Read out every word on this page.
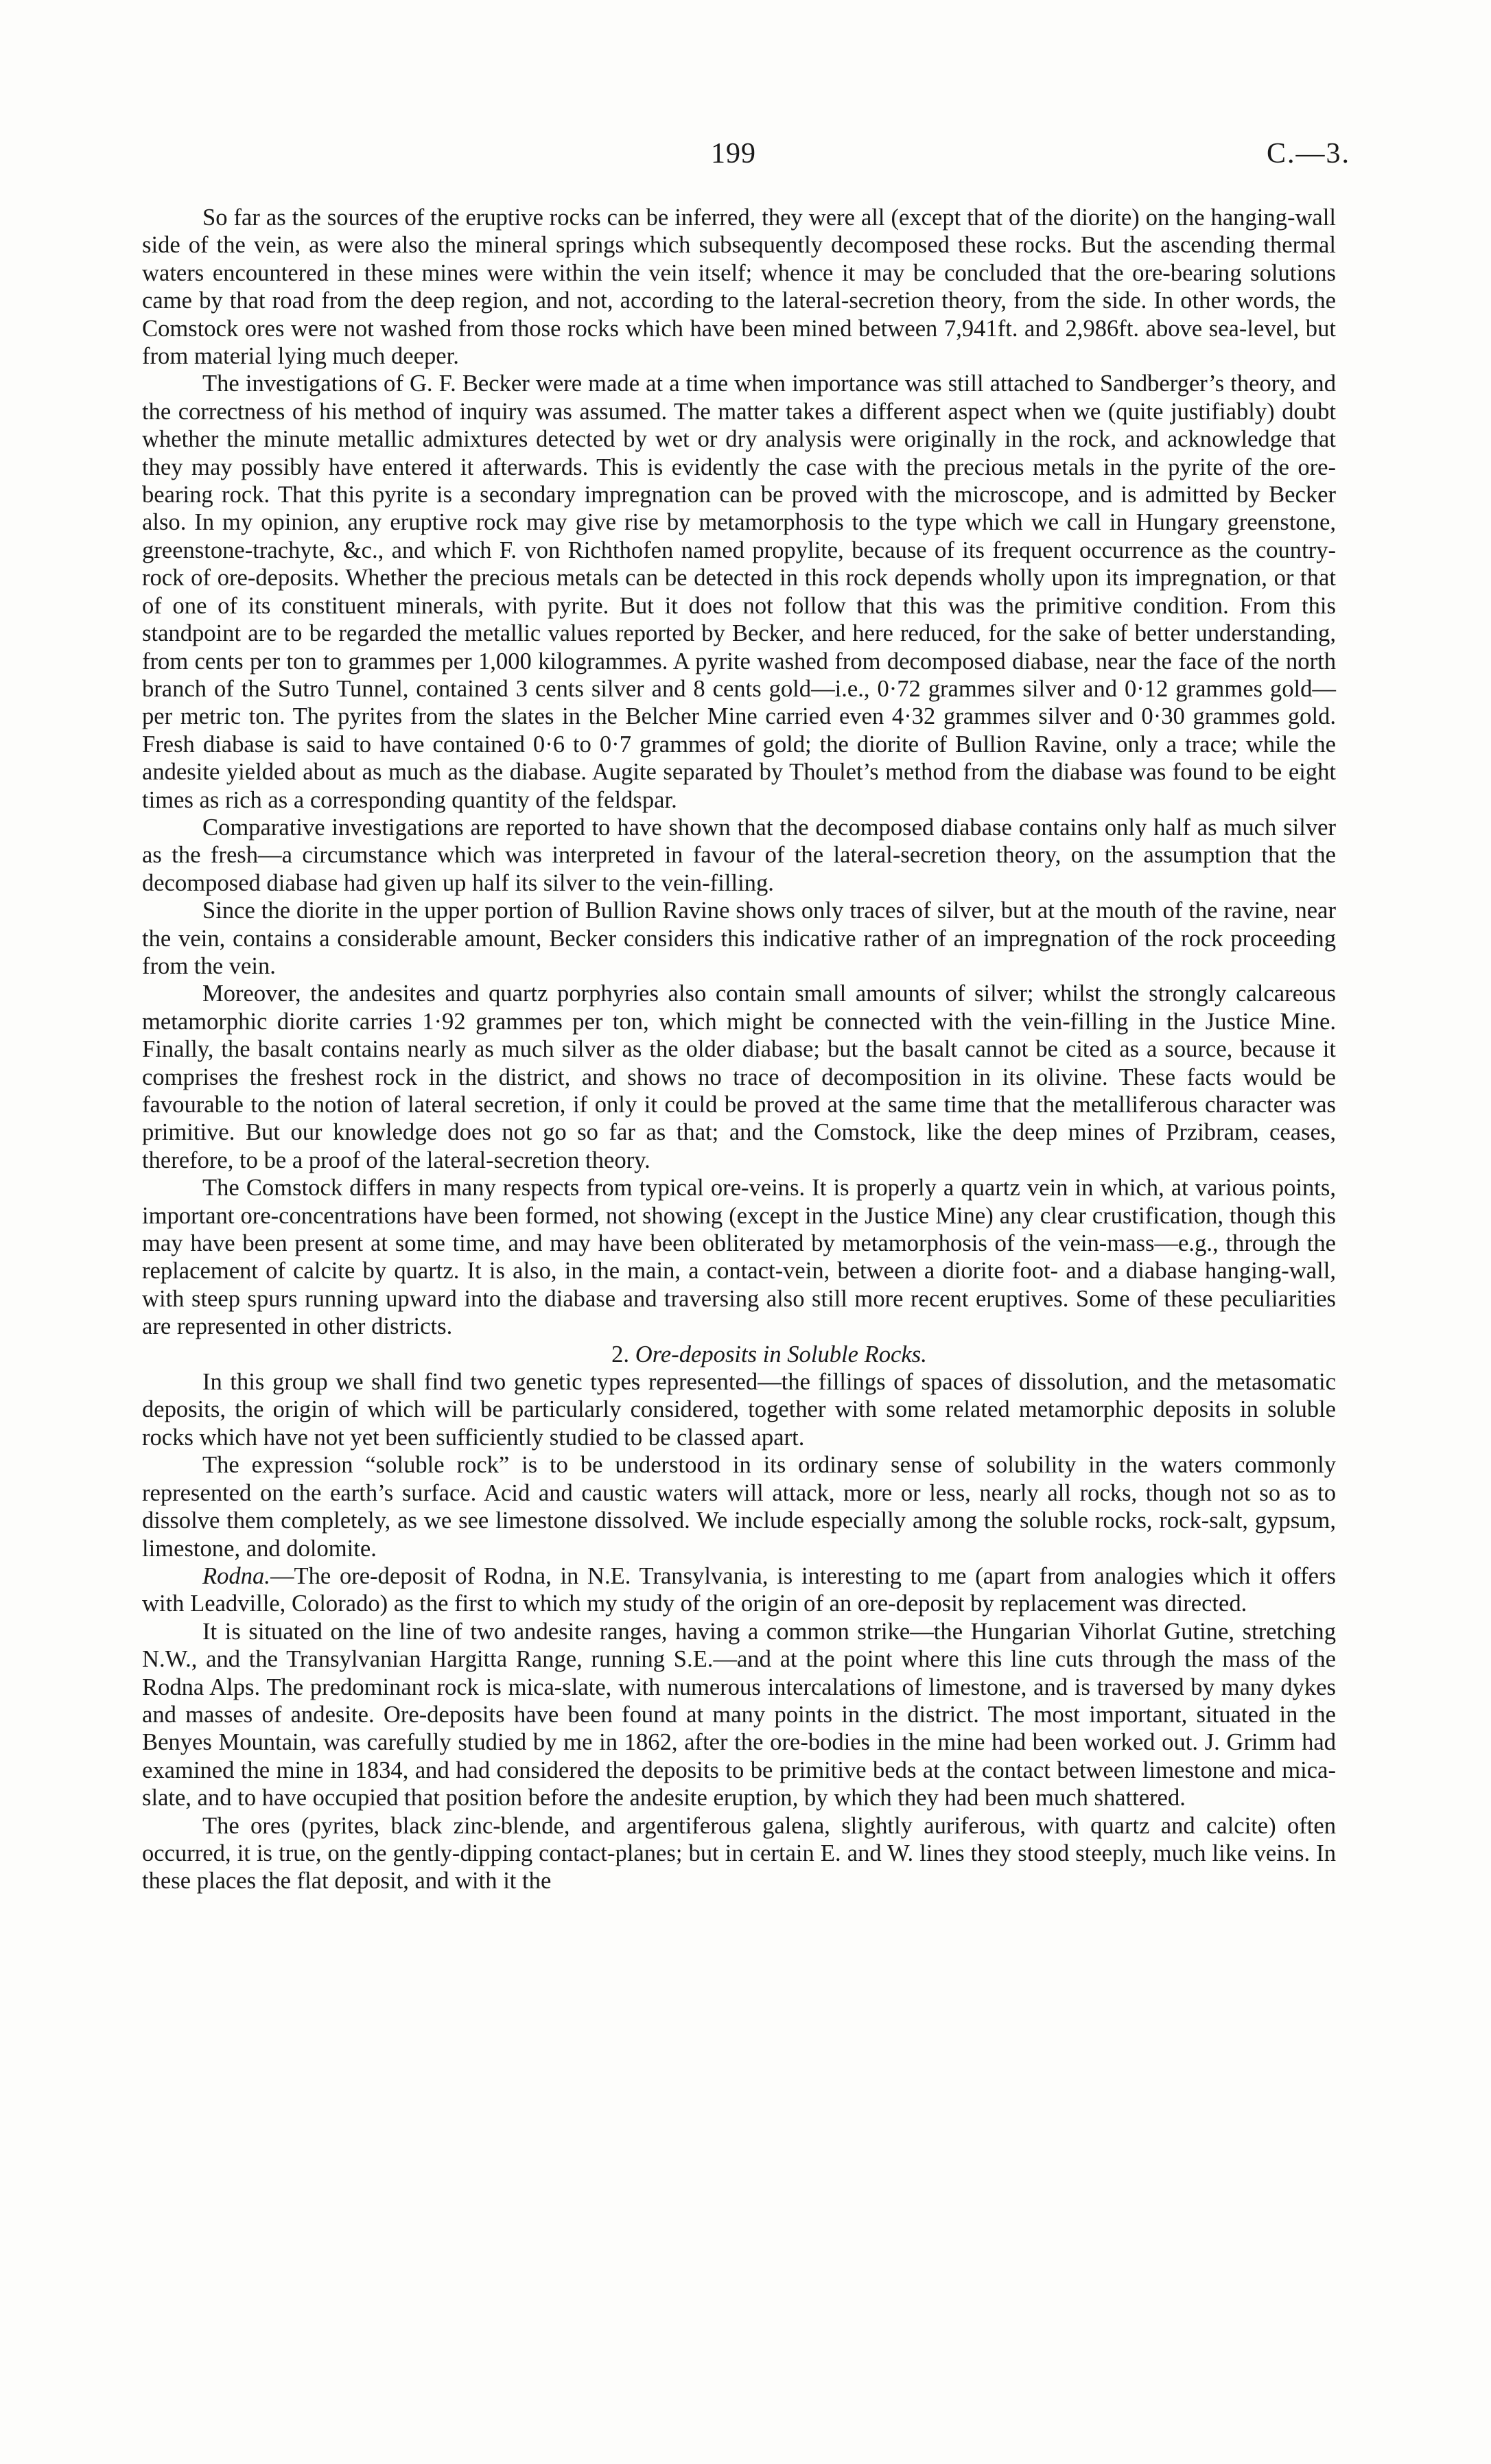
199	C.—3.

So far as the sources of the eruptive rocks can be inferred, they were all (except that of the diorite) on the hanging-wall side of the vein, as were also the mineral springs which subsequently decomposed these rocks. But the ascending thermal waters encountered in these mines were within the vein itself; whence it may be concluded that the ore-bearing solutions came by that road from the deep region, and not, according to the lateral-secretion theory, from the side. In other words, the Comstock ores were not washed from those rocks which have been mined between 7,941ft. and 2,986ft. above sea-level, but from material lying much deeper.

The investigations of G. F. Becker were made at a time when importance was still attached to Sandberger’s theory, and the correctness of his method of inquiry was assumed. The matter takes a different aspect when we (quite justifiably) doubt whether the minute metallic admixtures detected by wet or dry analysis were originally in the rock, and acknowledge that they may possibly have entered it afterwards. This is evidently the case with the precious metals in the pyrite of the ore-bearing rock. That this pyrite is a secondary impregnation can be proved with the microscope, and is admitted by Becker also. In my opinion, any eruptive rock may give rise by metamorphosis to the type which we call in Hungary greenstone, greenstone-trachyte, &c., and which F. von Richthofen named propylite, because of its frequent occurrence as the country-rock of ore-deposits. Whether the precious metals can be detected in this rock depends wholly upon its impregnation, or that of one of its constituent minerals, with pyrite. But it does not follow that this was the primitive condition. From this standpoint are to be regarded the metallic values reported by Becker, and here reduced, for the sake of better understanding, from cents per ton to grammes per 1,000 kilogrammes. A pyrite washed from decomposed diabase, near the face of the north branch of the Sutro Tunnel, contained 3 cents silver and 8 cents gold—i.e., 0·72 grammes silver and 0·12 grammes gold—per metric ton. The pyrites from the slates in the Belcher Mine carried even 4·32 grammes silver and 0·30 grammes gold. Fresh diabase is said to have contained 0·6 to 0·7 grammes of gold; the diorite of Bullion Ravine, only a trace; while the andesite yielded about as much as the diabase. Augite separated by Thoulet’s method from the diabase was found to be eight times as rich as a corresponding quantity of the feldspar.

Comparative investigations are reported to have shown that the decomposed diabase contains only half as much silver as the fresh—a circumstance which was interpreted in favour of the lateral-secretion theory, on the assumption that the decomposed diabase had given up half its silver to the vein-filling.

Since the diorite in the upper portion of Bullion Ravine shows only traces of silver, but at the mouth of the ravine, near the vein, contains a considerable amount, Becker considers this indicative rather of an impregnation of the rock proceeding from the vein.

Moreover, the andesites and quartz porphyries also contain small amounts of silver; whilst the strongly calcareous metamorphic diorite carries 1·92 grammes per ton, which might be connected with the vein-filling in the Justice Mine. Finally, the basalt contains nearly as much silver as the older diabase; but the basalt cannot be cited as a source, because it comprises the freshest rock in the district, and shows no trace of decomposition in its olivine. These facts would be favourable to the notion of lateral secretion, if only it could be proved at the same time that the metalliferous character was primitive. But our knowledge does not go so far as that; and the Comstock, like the deep mines of Przibram, ceases, therefore, to be a proof of the lateral-secretion theory.

The Comstock differs in many respects from typical ore-veins. It is properly a quartz vein in which, at various points, important ore-concentrations have been formed, not showing (except in the Justice Mine) any clear crustification, though this may have been present at some time, and may have been obliterated by metamorphosis of the vein-mass—e.g., through the replacement of calcite by quartz. It is also, in the main, a contact-vein, between a diorite foot- and a diabase hanging-wall, with steep spurs running upward into the diabase and traversing also still more recent eruptives. Some of these peculiarities are represented in other districts.

2. Ore-deposits in Soluble Rocks.

In this group we shall find two genetic types represented—the fillings of spaces of dissolution, and the metasomatic deposits, the origin of which will be particularly considered, together with some related metamorphic deposits in soluble rocks which have not yet been sufficiently studied to be classed apart.

The expression “soluble rock” is to be understood in its ordinary sense of solubility in the waters commonly represented on the earth’s surface. Acid and caustic waters will attack, more or less, nearly all rocks, though not so as to dissolve them completely, as we see limestone dissolved. We include especially among the soluble rocks, rock-salt, gypsum, limestone, and dolomite.

Rodna.—The ore-deposit of Rodna, in N.E. Transylvania, is interesting to me (apart from analogies which it offers with Leadville, Colorado) as the first to which my study of the origin of an ore-deposit by replacement was directed.

It is situated on the line of two andesite ranges, having a common strike—the Hungarian Vihorlat Gutine, stretching N.W., and the Transylvanian Hargitta Range, running S.E.—and at the point where this line cuts through the mass of the Rodna Alps. The predominant rock is mica-slate, with numerous intercalations of limestone, and is traversed by many dykes and masses of andesite. Ore-deposits have been found at many points in the district. The most important, situated in the Benyes Mountain, was carefully studied by me in 1862, after the ore-bodies in the mine had been worked out. J. Grimm had examined the mine in 1834, and had considered the deposits to be primitive beds at the contact between limestone and mica-slate, and to have occupied that position before the andesite eruption, by which they had been much shattered.

The ores (pyrites, black zinc-blende, and argentiferous galena, slightly auriferous, with quartz and calcite) often occurred, it is true, on the gently-dipping contact-planes; but in certain E. and W. lines they stood steeply, much like veins. In these places the flat deposit, and with it the
